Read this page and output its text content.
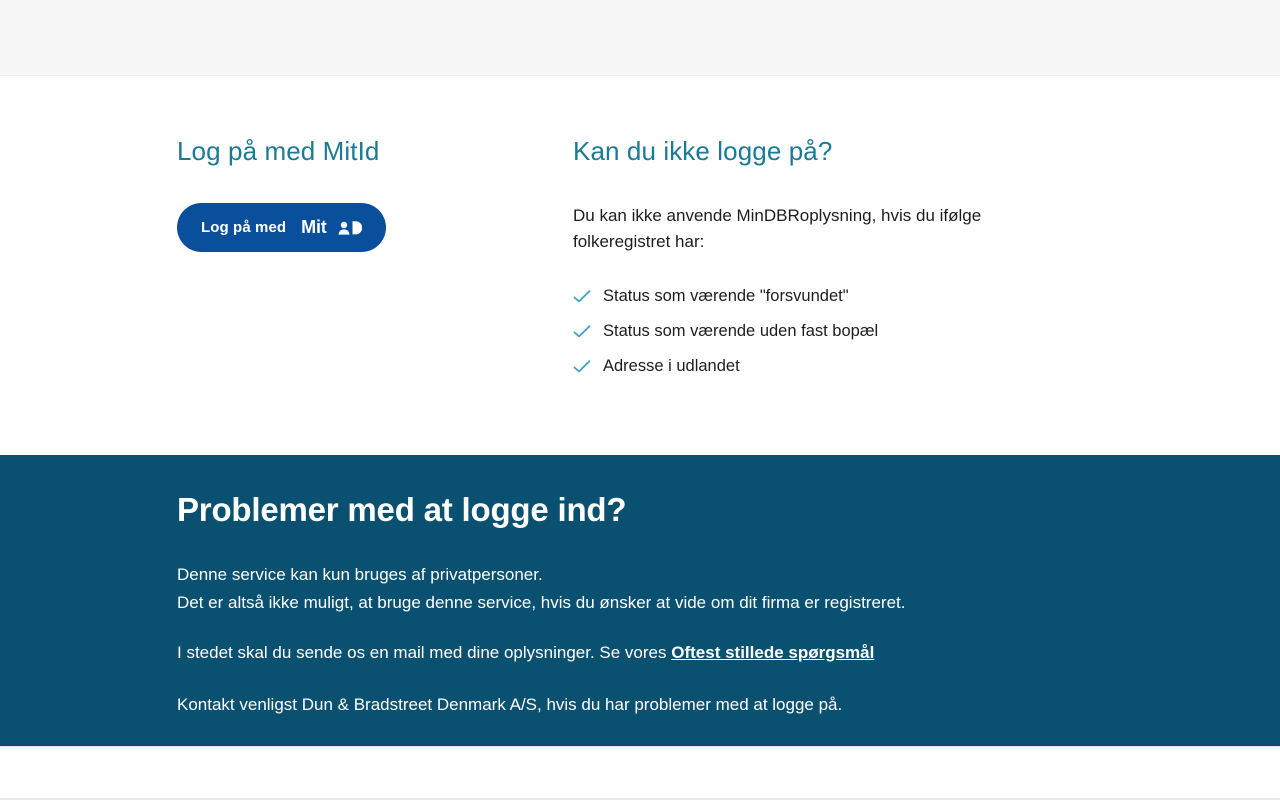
Log på med MitId
Log på med Mit
Kan du ikke logge på?

Du kan ikke anvende MinDBRoplysning, hvis du ifølge folkeregistret har:

Status som værende "forsvundet"
Status som værende uden fast bopæl
Adresse i udlandet
Problemer med at logge ind?

Denne service kan kun bruges af privatpersoner.
Det er altså ikke muligt, at bruge denne service, hvis du ønsker at vide om dit firma er registreret.

I stedet skal du sende os en mail med dine oplysninger. Se vores Oftest stillede spørgsmål

Kontakt venligst Dun & Bradstreet Denmark A/S, hvis du har problemer med at logge på.
